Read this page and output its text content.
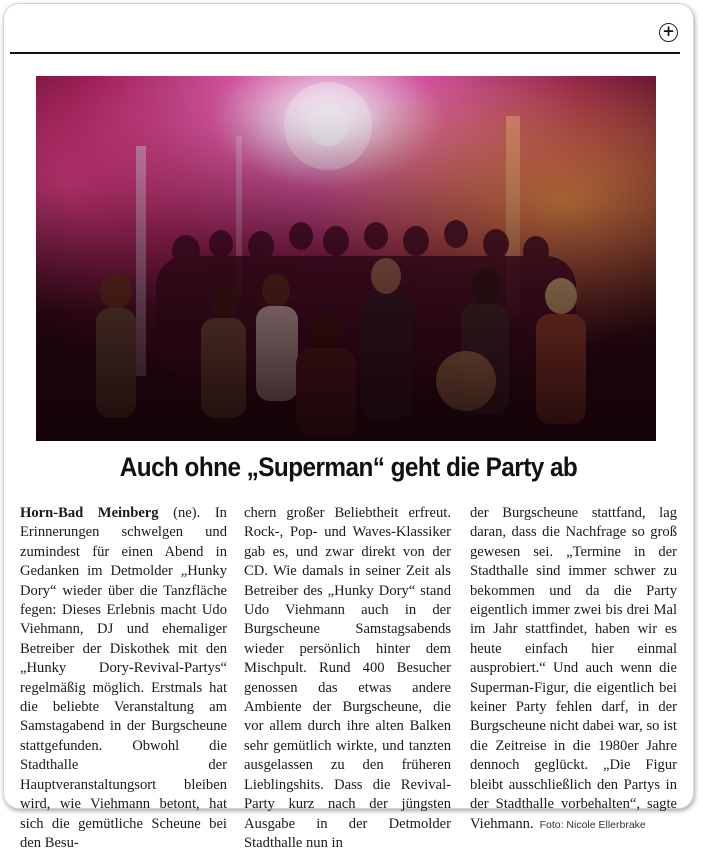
+
Auch ohne „Superman“ geht die Party ab

Horn-Bad Meinberg (ne). In Erinnerungen schwelgen und zumindest für einen Abend in Gedanken im Detmolder „Hunky Dory“ wieder über die Tanzfläche fegen: Dieses Erlebnis macht Udo Viehmann, DJ und ehemaliger Betreiber der Diskothek mit den „Hunky Dory-Revival-Partys“ regelmäßig möglich. Erstmals hat die beliebte Veranstaltung am Samstagabend in der Burgscheune stattgefunden. Obwohl die Stadthalle der Hauptveranstaltungsort bleiben wird, wie Viehmann betont, hat sich die gemütliche Scheune bei den Besu-

chern großer Beliebtheit erfreut. Rock-, Pop- und Waves-Klassiker gab es, und zwar direkt von der CD. Wie damals in seiner Zeit als Betreiber des „Hunky Dory“ stand Udo Viehmann auch in der Burgscheune Samstagsabends wieder persönlich hinter dem Mischpult. Rund 400 Besucher genossen das etwas andere Ambiente der Burgscheune, die vor allem durch ihre alten Balken sehr gemütlich wirkte, und tanzten ausgelassen zu den früheren Lieblingshits. Dass die Revival-Party kurz nach der jüngsten Ausgabe in der Detmolder Stadthalle nun in

der Burgscheune stattfand, lag daran, dass die Nachfrage so groß gewesen sei. „Termine in der Stadthalle sind immer schwer zu bekommen und da die Party eigentlich immer zwei bis drei Mal im Jahr stattfindet, haben wir es heute einfach hier einmal ausprobiert.“ Und auch wenn die Superman-Figur, die eigentlich bei keiner Party fehlen darf, in der Burgscheune nicht dabei war, so ist die Zeitreise in die 1980er Jahre dennoch geglückt. „Die Figur bleibt ausschließlich den Partys in der Stadthalle vorbehalten“, sagte Viehmann. Foto: Nicole Ellerbrake
